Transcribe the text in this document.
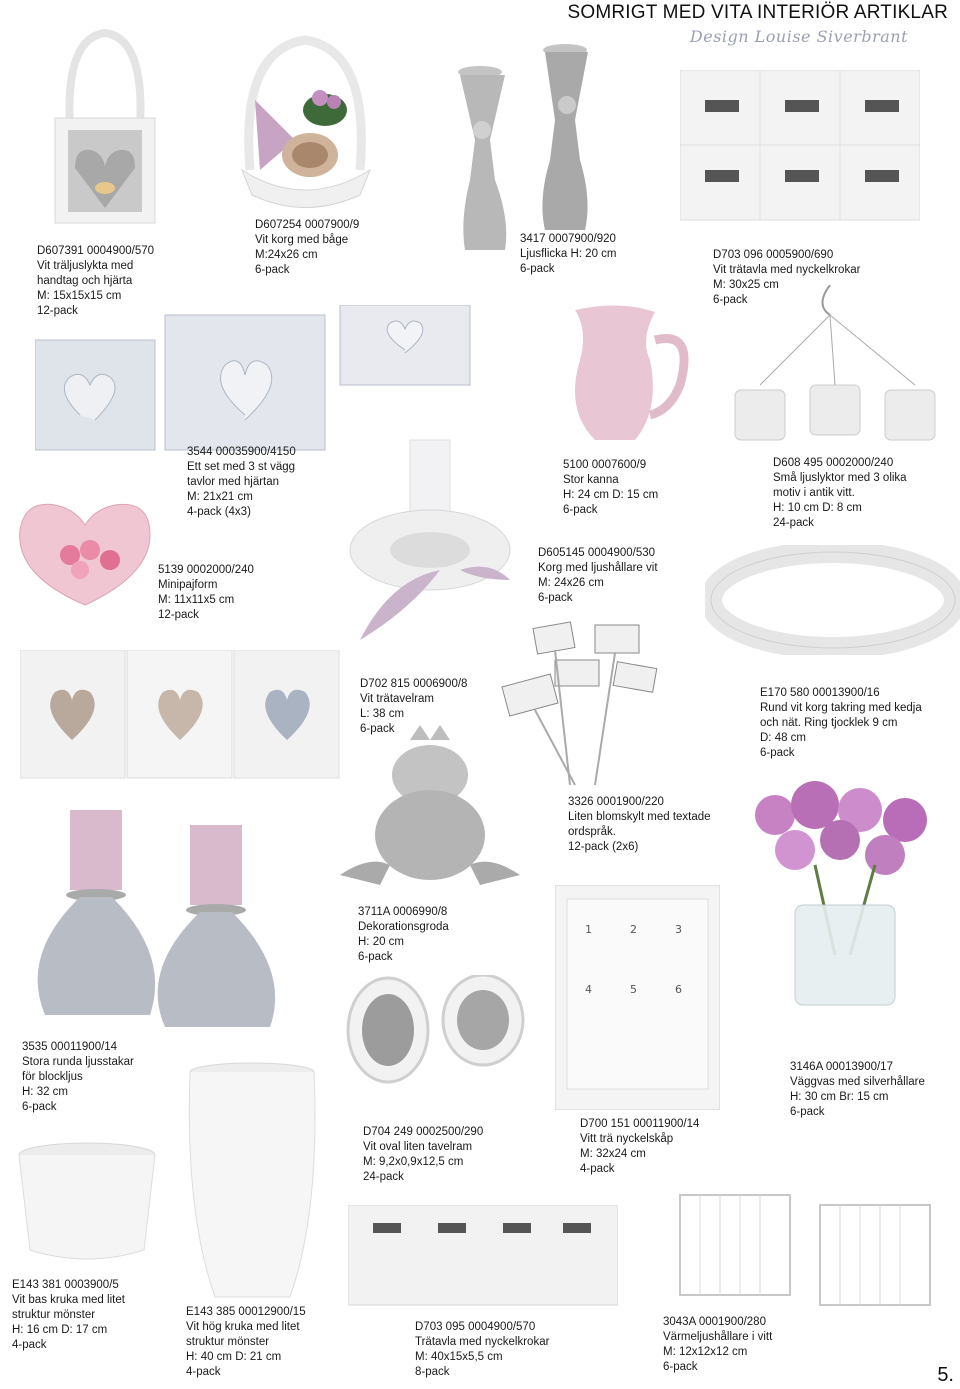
SOMRIGT MED VITA INTERIÖR ARTIKLAR
Design Louise Siverbrant
1	2	3
4	5	6
D607391 0004900/570
Vit träljuslykta med
handtag och hjärta
M: 15x15x15 cm
12-pack
D607254 0007900/9
Vit korg med båge
M:24x26 cm
6-pack
3417 0007900/920
Ljusflicka H: 20 cm
6-pack
D703 096 0005900/690
Vit trätavla med nyckelkrokar
M: 30x25 cm
6-pack
3544 00035900/4150
Ett set med 3 st vägg
tavlor med hjärtan
M: 21x21 cm
4-pack (4x3)
5100 0007600/9
Stor kanna
H: 24 cm D: 15 cm
6-pack
D608 495 0002000/240
Små ljuslyktor med 3 olika
motiv i antik vitt.
H: 10 cm D: 8 cm
24-pack
5139 0002000/240
Minipajform
M: 11x11x5 cm
12-pack
D605145 0004900/530
Korg med ljushållare vit
M: 24x26 cm
6-pack
D702 815 0006900/8
Vit trätavelram
L: 38 cm
6-pack
E170 580 00013900/16
Rund vit korg takring med kedja
och nät. Ring tjocklek 9 cm
D: 48 cm
6-pack
3326 0001900/220
Liten blomskylt med textade
ordspråk.
12-pack (2x6)
3711A 0006990/8
Dekorationsgroda
H: 20 cm
6-pack
3535 00011900/14
Stora runda ljusstakar
för blockljus
H: 32 cm
6-pack
3146A 00013900/17
Väggvas med silverhållare
H: 30 cm Br: 15 cm
6-pack
D700 151 00011900/14
Vitt trä nyckelskåp
M: 32x24 cm
4-pack
D704 249 0002500/290
Vit oval liten tavelram
M: 9,2x0,9x12,5 cm
24-pack
E143 381 0003900/5
Vit bas kruka med litet
struktur mönster
H: 16 cm D: 17 cm
4-pack
E143 385 00012900/15
Vit hög kruka med litet
struktur mönster
H: 40 cm D: 21 cm
4-pack
D703 095 0004900/570
Trätavla med nyckelkrokar
M: 40x15x5,5 cm
8-pack
3043A 0001900/280
Värmeljushållare i vitt
M: 12x12x12 cm
6-pack	5.
